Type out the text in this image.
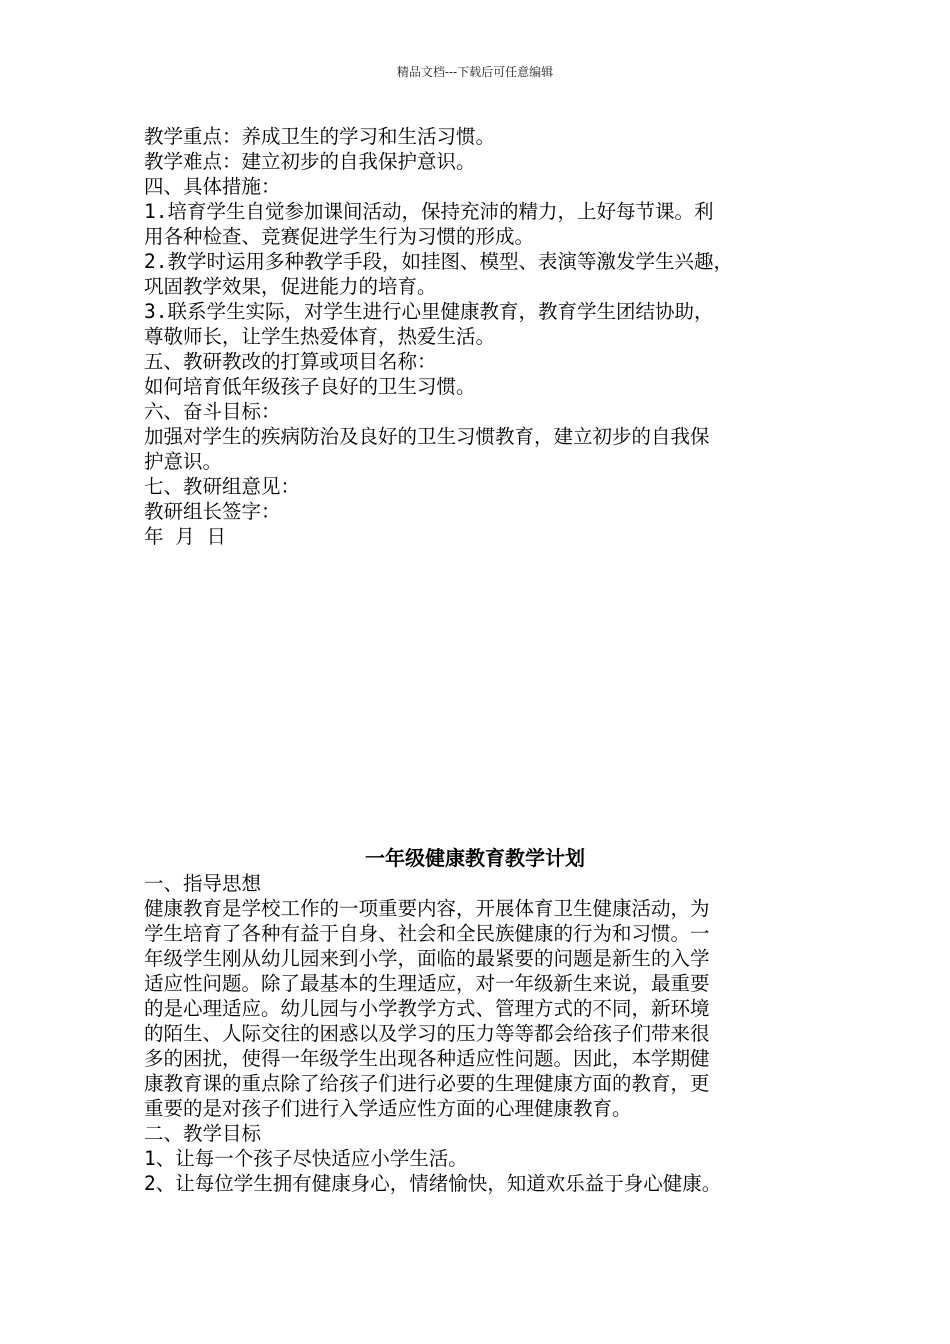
精品文档---下载后可任意编辑
教学重点：养成卫生的学习和生活习惯。
教学难点：建立初步的自我保护意识。
四、具体措施：
1.培育学生自觉参加课间活动，保持充沛的精力，上好每节课。利
用各种检查、竞赛促进学生行为习惯的形成。
2.教学时运用多种教学手段，如挂图、模型、表演等激发学生兴趣，
巩固教学效果，促进能力的培育。
3.联系学生实际，对学生进行心里健康教育，教育学生团结协助，
尊敬师长，让学生热爱体育，热爱生活。
五、教研教改的打算或项目名称：
如何培育低年级孩子良好的卫生习惯。
六、奋斗目标：
加强对学生的疾病防治及良好的卫生习惯教育，建立初步的自我保
护意识。
七、教研组意见：
教研组长签字：
年 月 日
一年级健康教育教学计划
一、指导思想
健康教育是学校工作的一项重要内容，开展体育卫生健康活动，为
学生培育了各种有益于自身、社会和全民族健康的行为和习惯。一
年级学生刚从幼儿园来到小学，面临的最紧要的问题是新生的入学
适应性问题。除了最基本的生理适应，对一年级新生来说，最重要
的是心理适应。幼儿园与小学教学方式、管理方式的不同，新环境
的陌生、人际交往的困惑以及学习的压力等等都会给孩子们带来很
多的困扰，使得一年级学生出现各种适应性问题。因此，本学期健
康教育课的重点除了给孩子们进行必要的生理健康方面的教育，更
重要的是对孩子们进行入学适应性方面的心理健康教育。
二、教学目标
1、让每一个孩子尽快适应小学生活。
2、让每位学生拥有健康身心，情绪愉快，知道欢乐益于身心健康。
